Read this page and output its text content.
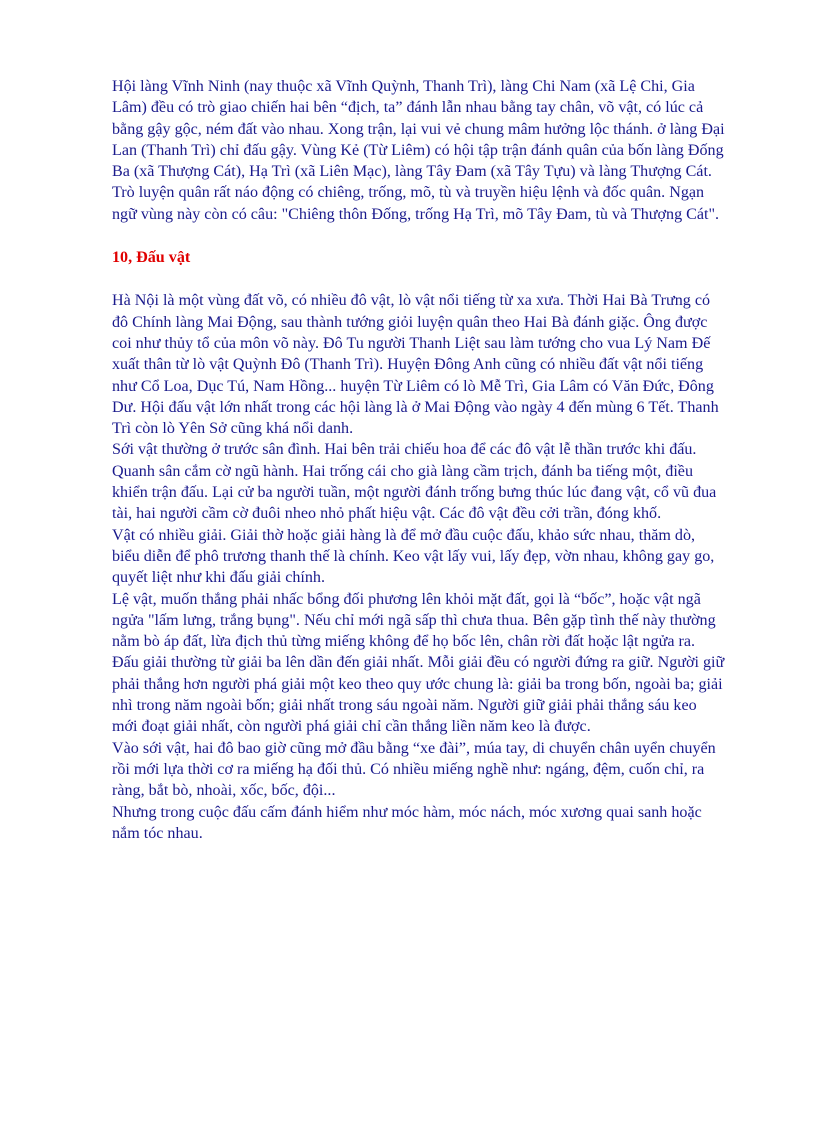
Hội làng Vĩnh Ninh (nay thuộc xã Vĩnh Quỳnh, Thanh Trì), làng Chi Nam (xã Lệ Chi, Gia Lâm) đều có trò giao chiến hai bên “địch, ta” đánh lẫn nhau bằng tay chân, võ vật, có lúc cả bằng gậy gộc, ném đất vào nhau. Xong trận, lại vui vẻ chung mâm hưởng lộc thánh. ở làng Đại Lan (Thanh Trì) chỉ đấu gậy. Vùng Kẻ (Từ Liêm) có hội tập trận đánh quân của bốn làng Đống Ba (xã Thượng Cát), Hạ Trì (xã Liên Mạc), làng Tây Đam (xã Tây Tựu) và làng Thượng Cát. Trò luyện quân rất náo động có chiêng, trống, mõ, tù và truyền hiệu lệnh và đốc quân. Ngạn ngữ vùng này còn có câu: "Chiêng thôn Đống, trống Hạ Trì, mõ Tây Đam, tù và Thượng Cát".

10, Đấu vật

Hà Nội là một vùng đất võ, có nhiều đô vật, lò vật nổi tiếng từ xa xưa. Thời Hai Bà Trưng có đô Chính làng Mai Động, sau thành tướng giỏi luyện quân theo Hai Bà đánh giặc. Ông được coi như thủy tổ của môn võ này. Đô Tu người Thanh Liệt sau làm tướng cho vua Lý Nam Đế xuất thân từ lò vật Quỳnh Đô (Thanh Trì). Huyện Đông Anh cũng có nhiều đất vật nổi tiếng như Cổ Loa, Dục Tú, Nam Hồng... huyện Từ Liêm có lò Mễ Trì, Gia Lâm có Văn Đức, Đông Dư. Hội đấu vật lớn nhất trong các hội làng là ở Mai Động vào ngày 4 đến mùng 6 Tết. Thanh Trì còn lò Yên Sở cũng khá nổi danh.

Sới vật thường ở trước sân đình. Hai bên trải chiếu hoa để các đô vật lễ thần trước khi đấu. Quanh sân cắm cờ ngũ hành. Hai trống cái cho già làng cầm trịch, đánh ba tiếng một, điều khiển trận đấu. Lại cử ba người tuần, một người đánh trống bưng thúc lúc đang vật, cổ vũ đua tài, hai người cầm cờ đuôi nheo nhỏ phất hiệu vật. Các đô vật đều cởi trần, đóng khố.

Vật có nhiều giải. Giải thờ hoặc giải hàng là để mở đầu cuộc đấu, khảo sức nhau, thăm dò, biểu diễn để phô trương thanh thế là chính. Keo vật lấy vui, lấy đẹp, vờn nhau, không gay go, quyết liệt như khi đấu giải chính.

Lệ vật, muốn thắng phải nhấc bổng đối phương lên khỏi mặt đất, gọi là “bốc”, hoặc vật ngã ngửa "lấm lưng, trắng bụng". Nếu chỉ mới ngã sấp thì chưa thua. Bên gặp tình thế này thường nằm bò áp đất, lừa địch thủ từng miếng không để họ bốc lên, chân rời đất hoặc lật ngửa ra.

Đấu giải thường từ giải ba lên dần đến giải nhất. Mỗi giải đều có người đứng ra giữ. Người giữ phải thắng hơn người phá giải một keo theo quy ước chung là: giải ba trong bốn, ngoài ba; giải nhì trong năm ngoài bốn; giải nhất trong sáu ngoài năm. Người giữ giải phải thắng sáu keo mới đoạt giải nhất, còn người phá giải chỉ cần thắng liền năm keo là được.

Vào sới vật, hai đô bao giờ cũng mở đầu bằng “xe đài”, múa tay, di chuyển chân uyển chuyển rồi mới lựa thời cơ ra miếng hạ đối thủ. Có nhiều miếng nghề như: ngáng, đệm, cuốn chỉ, ra ràng, bắt bò, nhoài, xốc, bốc, đội...

Nhưng trong cuộc đấu cấm đánh hiểm như móc hàm, móc nách, móc xương quai sanh hoặc nắm tóc nhau.
